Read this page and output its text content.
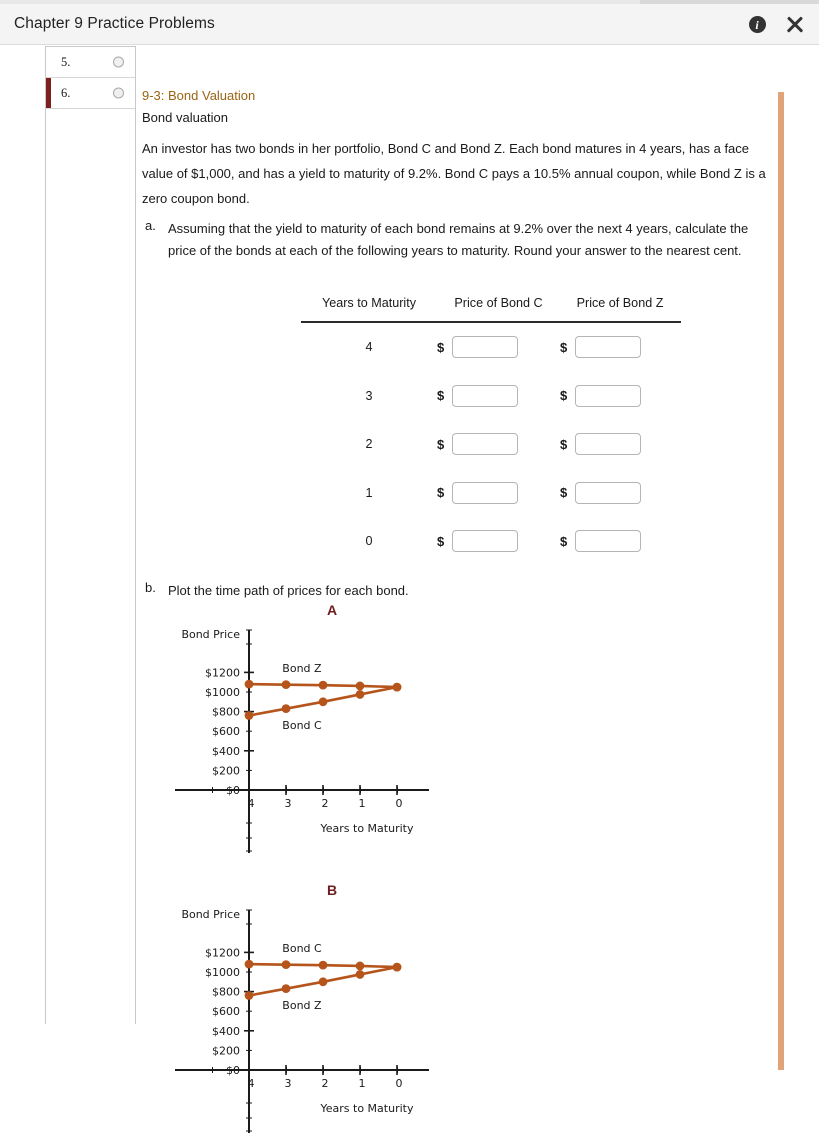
Chapter 9 Practice Problems	i
5.
6.	9-3: Bond Valuation
Bond valuation
An investor has two bonds in her portfolio, Bond C and Bond Z. Each bond matures in 4 years, has a face value of $1,000, and has a yield to maturity of 9.2%. Bond C pays a 10.5% annual coupon, while Bond Z is a zero coupon bond.
a. Assuming that the yield to maturity of each bond remains at 9.2% over the next 4 years, calculate the price of the bonds at each of the following years to maturity. Round your answer to the nearest cent.
Years to Maturity	Price of Bond C	Price of Bond Z
4	$	$
3	$	$
2	$	$
1	$	$
0	$	$
b. Plot the time path of prices for each bond.
A
$0
$200
$400
$600
$800
$1000
$1200
4	3	2	1	0
Bond Price
Years to Maturity
Bond Z
Bond C
B
$0
$200
$400
$600
$800
$1000
$1200
4	3	2	1	0
Bond Price
Years to Maturity
Bond C
Bond Z
